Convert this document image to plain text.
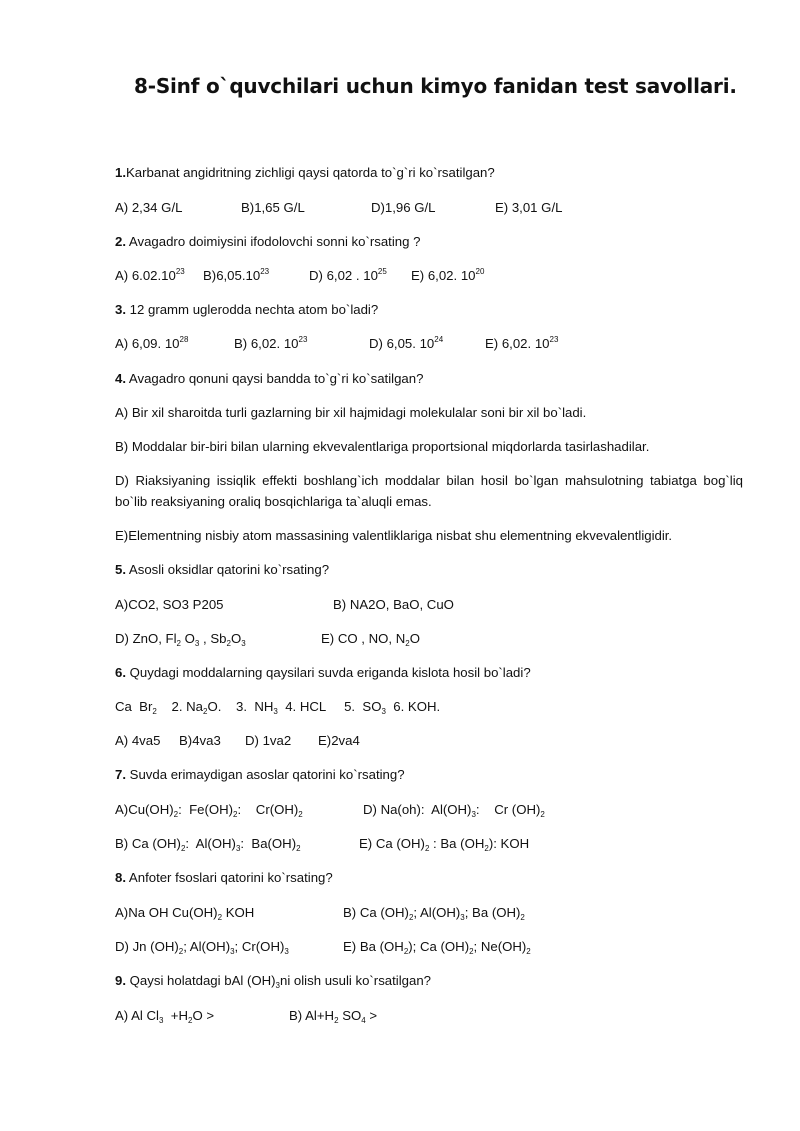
8-Sinf o`quvchilari uchun kimyo fanidan test savollari.
1.Karbanat angidritning zichligi qaysi qatorda to`g`ri ko`rsatilgan?
A) 2,34 G/L	B)1,65 G/L	D)1,96 G/L	E) 3,01 G/L
2. Avagadro doimiysini ifodolovchi sonni ko`rsating ?
A) 6.02.10$^{23}$ B)6,05.10$^{23}$	D) 6,02 . $10^{25}$ E) 6,02. $10^{20}$
3. 12 gramm uglerodda nechta atom bo`ladi?
A) 6,09. $10^{28}$	B) 6,02. $10^{23}$	D) 6,05. $10^{24}$	E) 6,02. $10^{23}$
4. Avagadro qonuni qaysi bandda to`g`ri ko`satilgan?
A) Bir xil sharoitda turli gazlarning bir xil hajmidagi molekulalar soni bir xil bo`ladi.
B) Moddalar bir-biri bilan ularning ekvevalentlariga proportsional miqdorlarda tasirlashadilar.
D) Riaksiyaning issiqlik effekti boshlang`ich moddalar bilan hosil bo`lgan mahsulotning tabiatga bog`liq bo`lib reaksiyaning oraliq bosqichlariga ta`aluqli emas.
E)Elementning nisbiy atom massasining valentliklariga nisbat shu elementning ekvevalentligidir.
5. Asosli oksidlar qatorini ko`rsating?
A)CO2, SO3 P205	B) NA2O, BaO, CuO
D) ZnO, $Fl_2$ $O_3$ , $Sb_2O_3$	E) CO , NO, $N_2O$
6. Quydagi moddalarning qaysilari suvda eriganda kislota hosil bo`ladi?
Ca  $Br_2$    2. $Na_2O$.    3.  $NH_3$  4. HCL     5.  $SO_3$  6. KOH.
A) 4va5 B)4va3 D) 1va2 E)2va4
7. Suvda erimaydigan asoslar qatorini ko`rsating?
$A)Cu(OH)_2$:  $Fe(OH)_2$:    $Cr(OH)_2$	D) Na(oh):  $Al(OH)_3$:    Cr $(OH)_2$
B) Ca $(OH)_2$:  $Al(OH)_3$:  $Ba(OH)_2$	E) Ca $(OH)_2$ : Ba $(OH_2)$: KOH
8. Anfoter fsoslari qatorini ko`rsating?
A)Na OH $Cu(OH)_2$ KOH	B) Ca $(OH)_2$; $Al(OH)_3$; Ba $(OH)_2$
D) Jn $(OH)_2$; $Al(OH)_3$; $Cr(OH)_3$	E) Ba $(OH_2)$; Ca $(OH)_2$; $Ne(OH)_2$
9. Qaysi holatdagi bAl $(OH)_3ni$ olish usuli ko`rsatilgan?
A) Al $Cl_3 +H_2O$ >	B) $Al+H_2$ $SO_4$ >
